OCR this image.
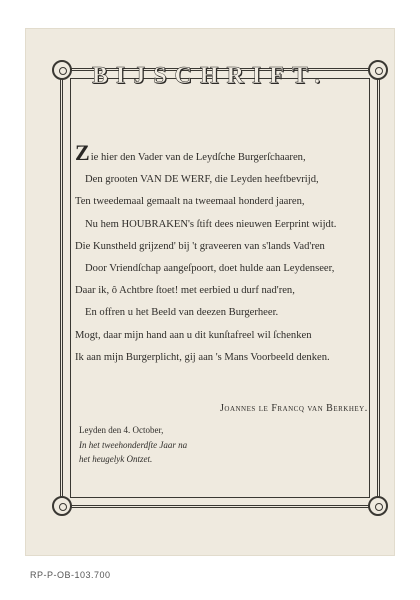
BIJSCHRIFT.
Zie hier den Vader van de Leydſche Burgerſchaaren,
Den grooten VAN DE WERF, die Leyden heeftbevrijd,
Ten tweedemaal gemaalt na tweemaal honderd jaaren,
Nu hem HOUBRAKEN's ſtift dees nieuwen Eerprint wijdt.
Die Kunstheld grijzend' bij 't graveeren van s'lands Vad'ren
Door Vriendſchap aangeſpoort, doet hulde aan Leydenseer,
Daar ik, ô Achtbre ſtoet! met eerbied u durf nad'ren,
En offren u het Beeld van deezen Burgerheer.
Mogt, daar mijn hand aan u dit kunſtafreel wil ſchenken
Ik aan mijn Burgerplicht, gij aan 's Mans Voorbeeld denken.
Joannes le Francq van Berkhey.
Leyden den 4. October,
In het tweehonderdſte Jaar na
het heugelyk Ontzet.
RP-P-OB-103.700
